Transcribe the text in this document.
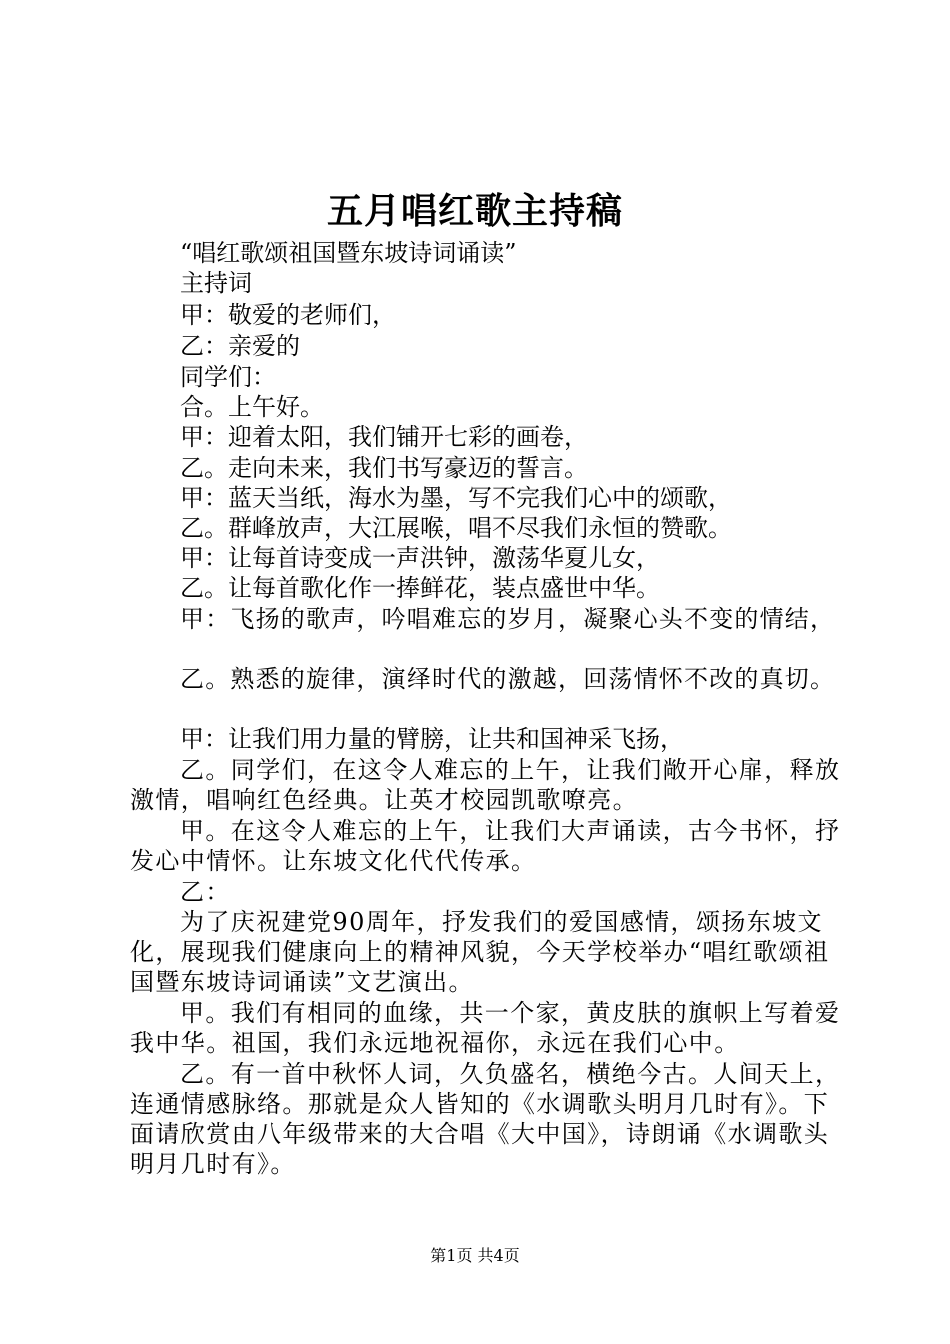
五月唱红歌主持稿
“唱红歌颂祖国暨东坡诗词诵读”
主持词
甲：敬爱的老师们，
乙：亲爱的
同学们：
合。上午好。
甲：迎着太阳，我们铺开七彩的画卷，
乙。走向未来，我们书写豪迈的誓言。
甲：蓝天当纸，海水为墨，写不完我们心中的颂歌，
乙。群峰放声，大江展喉，唱不尽我们永恒的赞歌。
甲：让每首诗变成一声洪钟，激荡华夏儿女，
乙。让每首歌化作一捧鲜花，装点盛世中华。
甲：飞扬的歌声，吟唱难忘的岁月，凝聚心头不变的情结，
乙。熟悉的旋律，演绎时代的激越，回荡情怀不改的真切。
甲：让我们用力量的臂膀，让共和国神采飞扬，
乙。同学们，在这令人难忘的上午，让我们敞开心扉，释放激情，唱响红色经典。让英才校园凯歌嘹亮。
甲。在这令人难忘的上午，让我们大声诵读，古今书怀，抒发心中情怀。让东坡文化代代传承。
乙：
为了庆祝建党90周年，抒发我们的爱国感情，颂扬东坡文化，展现我们健康向上的精神风貌，今天学校举办“唱红歌颂祖国暨东坡诗词诵读”文艺演出。
甲。我们有相同的血缘，共一个家，黄皮肤的旗帜上写着爱我中华。祖国，我们永远地祝福你，永远在我们心中。
乙。有一首中秋怀人词，久负盛名，横绝今古。人间天上，连通情感脉络。那就是众人皆知的《水调歌头明月几时有》。下面请欣赏由八年级带来的大合唱《大中国》，诗朗诵《水调歌头明月几时有》。
第1页 共4页
